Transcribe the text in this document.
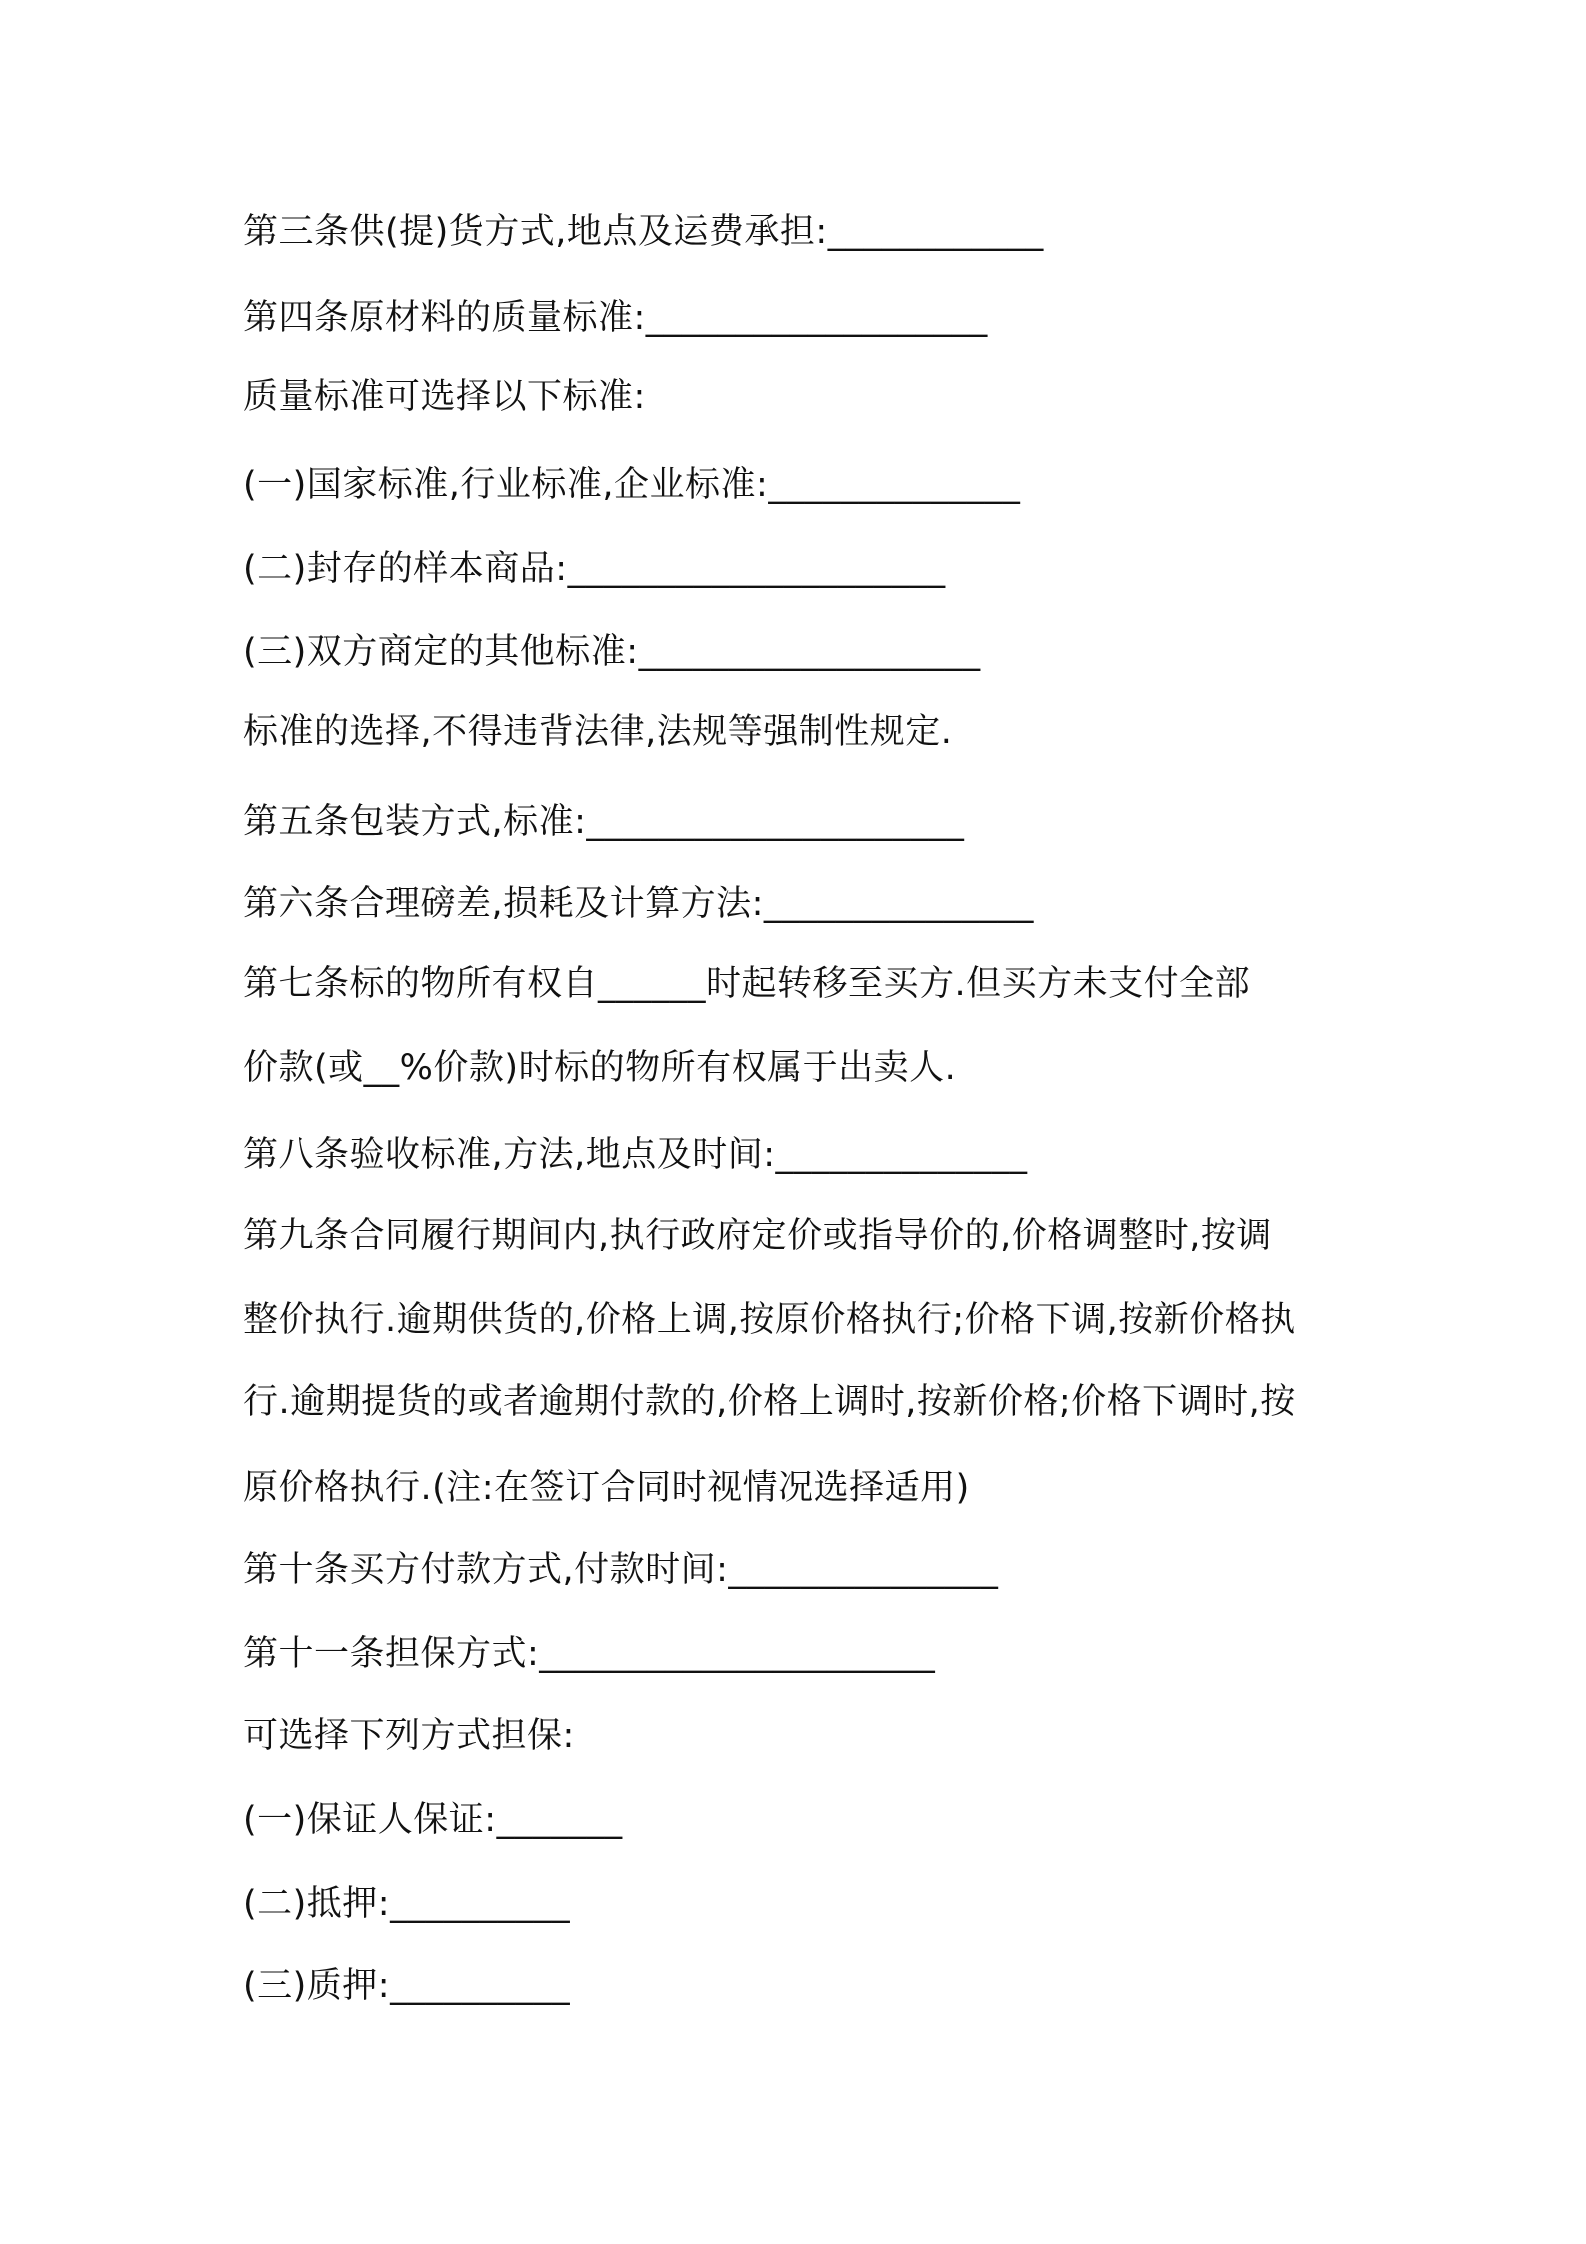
第三条供(提)货方式,地点及运费承担:____________

第四条原材料的质量标准:___________________

质量标准可选择以下标准:

(一)国家标准,行业标准,企业标准:______________

(二)封存的样本商品:_____________________

(三)双方商定的其他标准:___________________

标准的选择,不得违背法律,法规等强制性规定.

第五条包装方式,标准:_____________________

第六条合理磅差,损耗及计算方法:_______________

第七条标的物所有权自______时起转移至买方.但买方未支付全部

价款(或__%价款)时标的物所有权属于出卖人.

第八条验收标准,方法,地点及时间:______________

第九条合同履行期间内,执行政府定价或指导价的,价格调整时,按调

整价执行.逾期供货的,价格上调,按原价格执行;价格下调,按新价格执

行.逾期提货的或者逾期付款的,价格上调时,按新价格;价格下调时,按

原价格执行.(注:在签订合同时视情况选择适用)

第十条买方付款方式,付款时间:_______________

第十一条担保方式:______________________

可选择下列方式担保:

(一)保证人保证:_______

(二)抵押:__________

(三)质押:__________
